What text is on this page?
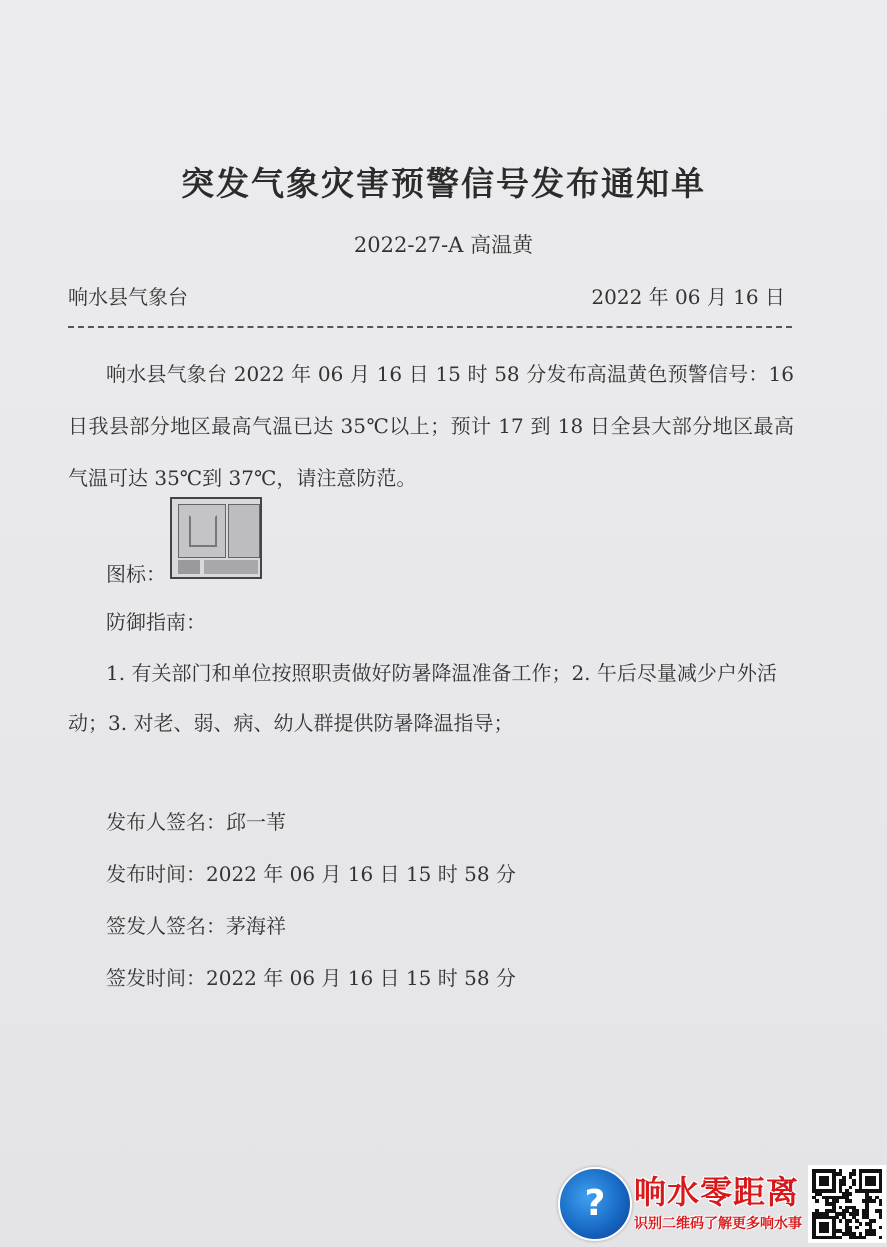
突发气象灾害预警信号发布通知单
2022-27-A 高温黄
响水县气象台	2022 年 06 月 16 日
响水县气象台 2022 年 06 月 16 日 15 时 58 分发布高温黄色预警信号：16 日我县部分地区最高气温已达 35℃以上；预计 17 到 18 日全县大部分地区最高气温可达 35℃到 37℃，请注意防范。
图标：
防御指南：
1. 有关部门和单位按照职责做好防暑降温准备工作；2. 午后尽量减少户外活动；3. 对老、弱、病、幼人群提供防暑降温指导；
发布人签名：邱一苇
发布时间：2022 年 06 月 16 日 15 时 58 分
签发人签名：茅海祥
签发时间：2022 年 06 月 16 日 15 时 58 分
? 响水零距离
识别二维码了解更多响水事
